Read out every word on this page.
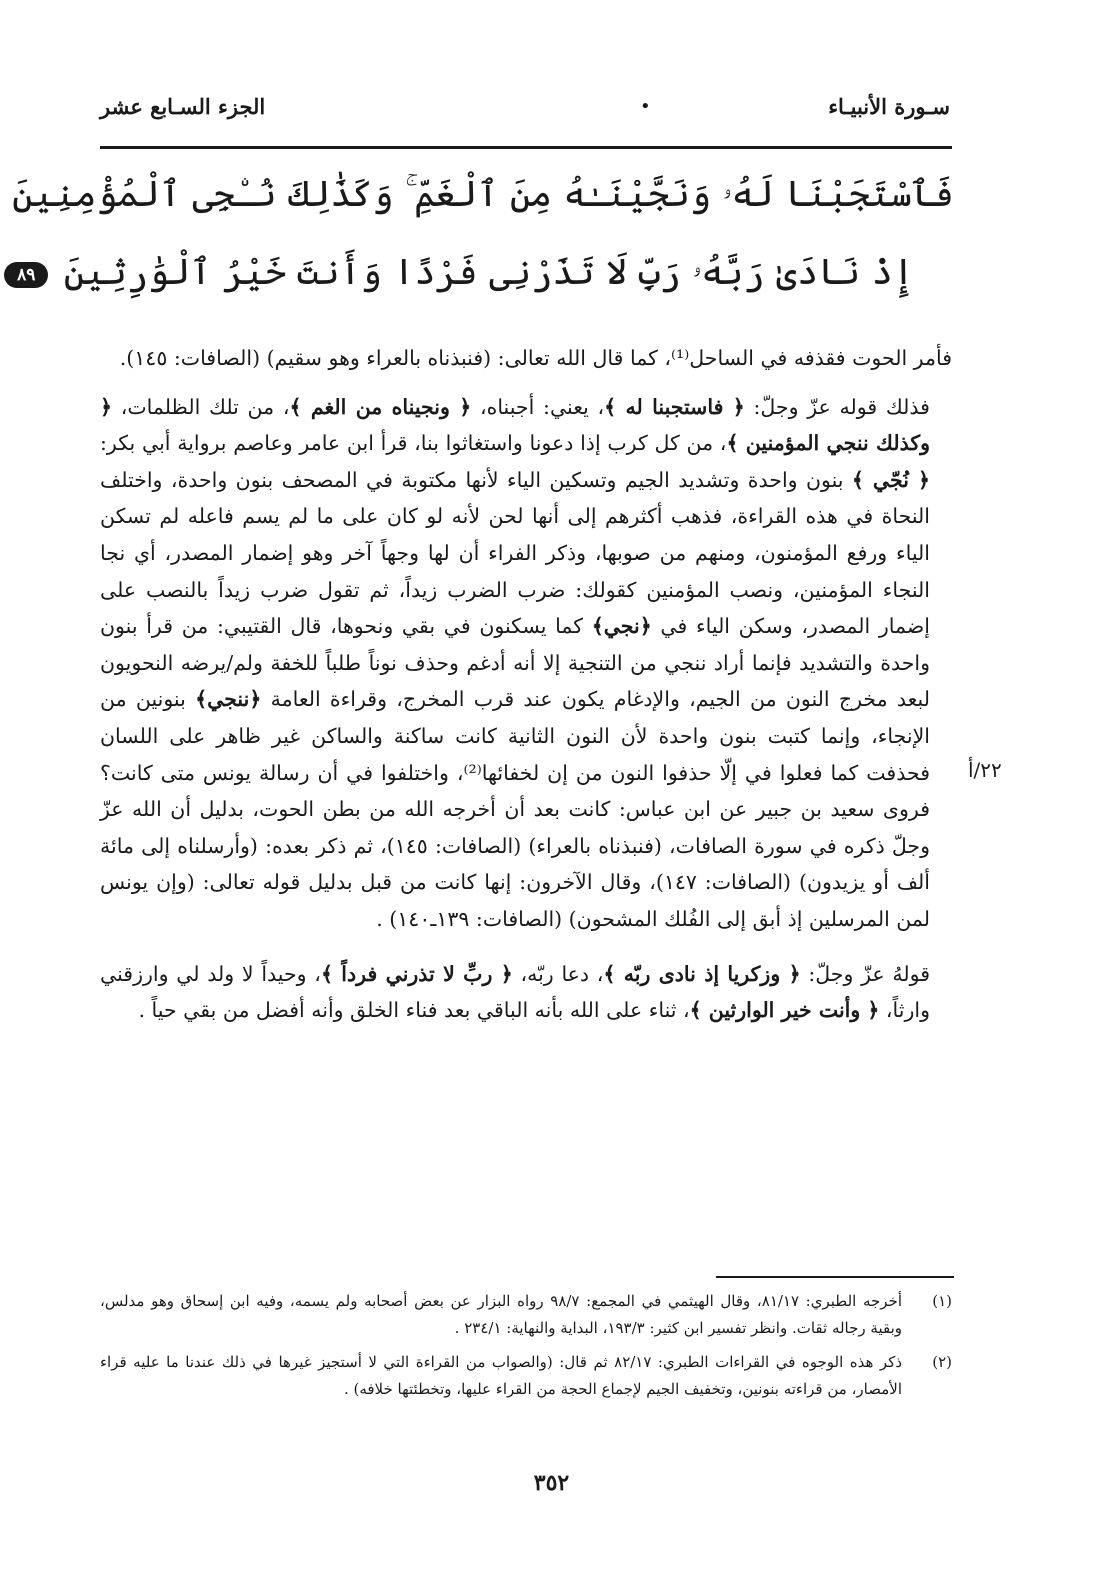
سـورة الأنبيـاء
•
الجزء السـابع عشر
فَٱسْتَجَبْنَا لَهُۥ وَنَجَّيْنَـٰهُ مِنَ ٱلْغَمِّ ۚ وَكَذَٰلِكَ نُـۨجِى ٱلْمُؤْمِنِينَ
إِذْ نَادَىٰ رَبَّهُۥ رَبِّ لَا تَذَرْنِى فَرْدًا وَأَنتَ خَيْرُ ٱلْوَٰرِثِينَ ٨٩

فأمر الحوت فقذفه في الساحل⁽¹⁾، كما قال الله تعالى: (فنبذناه بالعراء وهو سقيم) (الصافات: ١٤٥).

فذلك قوله عزّ وجلّ: ﴿ فاستجبنا له ﴾، يعني: أجبناه، ﴿ ونجيناه من الغم ﴾، من تلك الظلمات، ﴿ وكذلك ننجي المؤمنين ﴾، من كل كرب إذا دعونا واستغاثوا بنا، قرأ ابن عامر وعاصم برواية أبي بكر: ﴿ نُجّي ﴾ بنون واحدة وتشديد الجيم وتسكين الياء لأنها مكتوبة في المصحف بنون واحدة، واختلف النحاة في هذه القراءة، فذهب أكثرهم إلى أنها لحن لأنه لو كان على ما لم يسم فاعله لم تسكن الياء ورفع المؤمنون، ومنهم من صوبها، وذكر الفراء أن لها وجهاً آخر وهو إضمار المصدر، أي نجا النجاء المؤمنين، ونصب المؤمنين كقولك: ضرب الضرب زيداً، ثم تقول ضرب زيداً بالنصب على إضمار المصدر، وسكن الياء في ﴿نجي﴾ كما يسكنون في بقي ونحوها، قال القتيبي: من قرأ بنون واحدة والتشديد فإنما أراد ننجي من التنجية إلا أنه أدغم وحذف نوناً طلباً للخفة ولم/يرضه النحويون لبعد مخرج النون من الجيم، والإدغام يكون عند قرب المخرج، وقراءة العامة ﴿ننجي﴾ بنونين من الإنجاء، وإنما كتبت بنون واحدة لأن النون الثانية كانت ساكنة والساكن غير ظاهر على اللسان فحذفت كما فعلوا في إلّا حذفوا النون من إن لخفائها⁽²⁾، واختلفوا في أن رسالة يونس متى كانت؟ فروى سعيد بن جبير عن ابن عباس: كانت بعد أن أخرجه الله من بطن الحوت، بدليل أن الله عزّ وجلّ ذكره في سورة الصافات، (فنبذناه بالعراء) (الصافات: ١٤٥)، ثم ذكر بعده: (وأرسلناه إلى مائة ألف أو يزيدون) (الصافات: ١٤٧)، وقال الآخرون: إنها كانت من قبل بدليل قوله تعالى: (وإن يونس لمن المرسلين إذ أبق إلى الفُلك المشحون) (الصافات: ١٣٩ـ١٤٠) .

قولهُ عزّ وجلّ: ﴿ وزكريا إذ نادى ربّه ﴾، دعا ربّه، ﴿ ربِّ لا تذرني فرداً ﴾، وحيداً لا ولد لي وارزقني وارثاً، ﴿ وأنت خير الوارثين ﴾، ثناء على الله بأنه الباقي بعد فناء الخلق وأنه أفضل من بقي حياً .

٢٢/أ
(١)
أخرجه الطبري: ٨١/١٧، وقال الهيثمي في المجمع: ٩٨/٧ رواه البزار عن بعض أصحابه ولم يسمه، وفيه ابن إسحاق وهو مدلس، وبقية رجاله ثقات. وانظر تفسير ابن كثير: ١٩٣/٣، البداية والنهاية: ٢٣٤/١ .
(٢)
ذكر هذه الوجوه في القراءات الطبري: ٨٢/١٧ ثم قال: (والصواب من القراءة التي لا أستجيز غيرها في ذلك عندنا ما عليه قراء الأمصار، من قراءته بنونين، وتخفيف الجيم لإجماع الحجة من القراء عليها، وتخطئتها خلافه) .
٣٥٢
